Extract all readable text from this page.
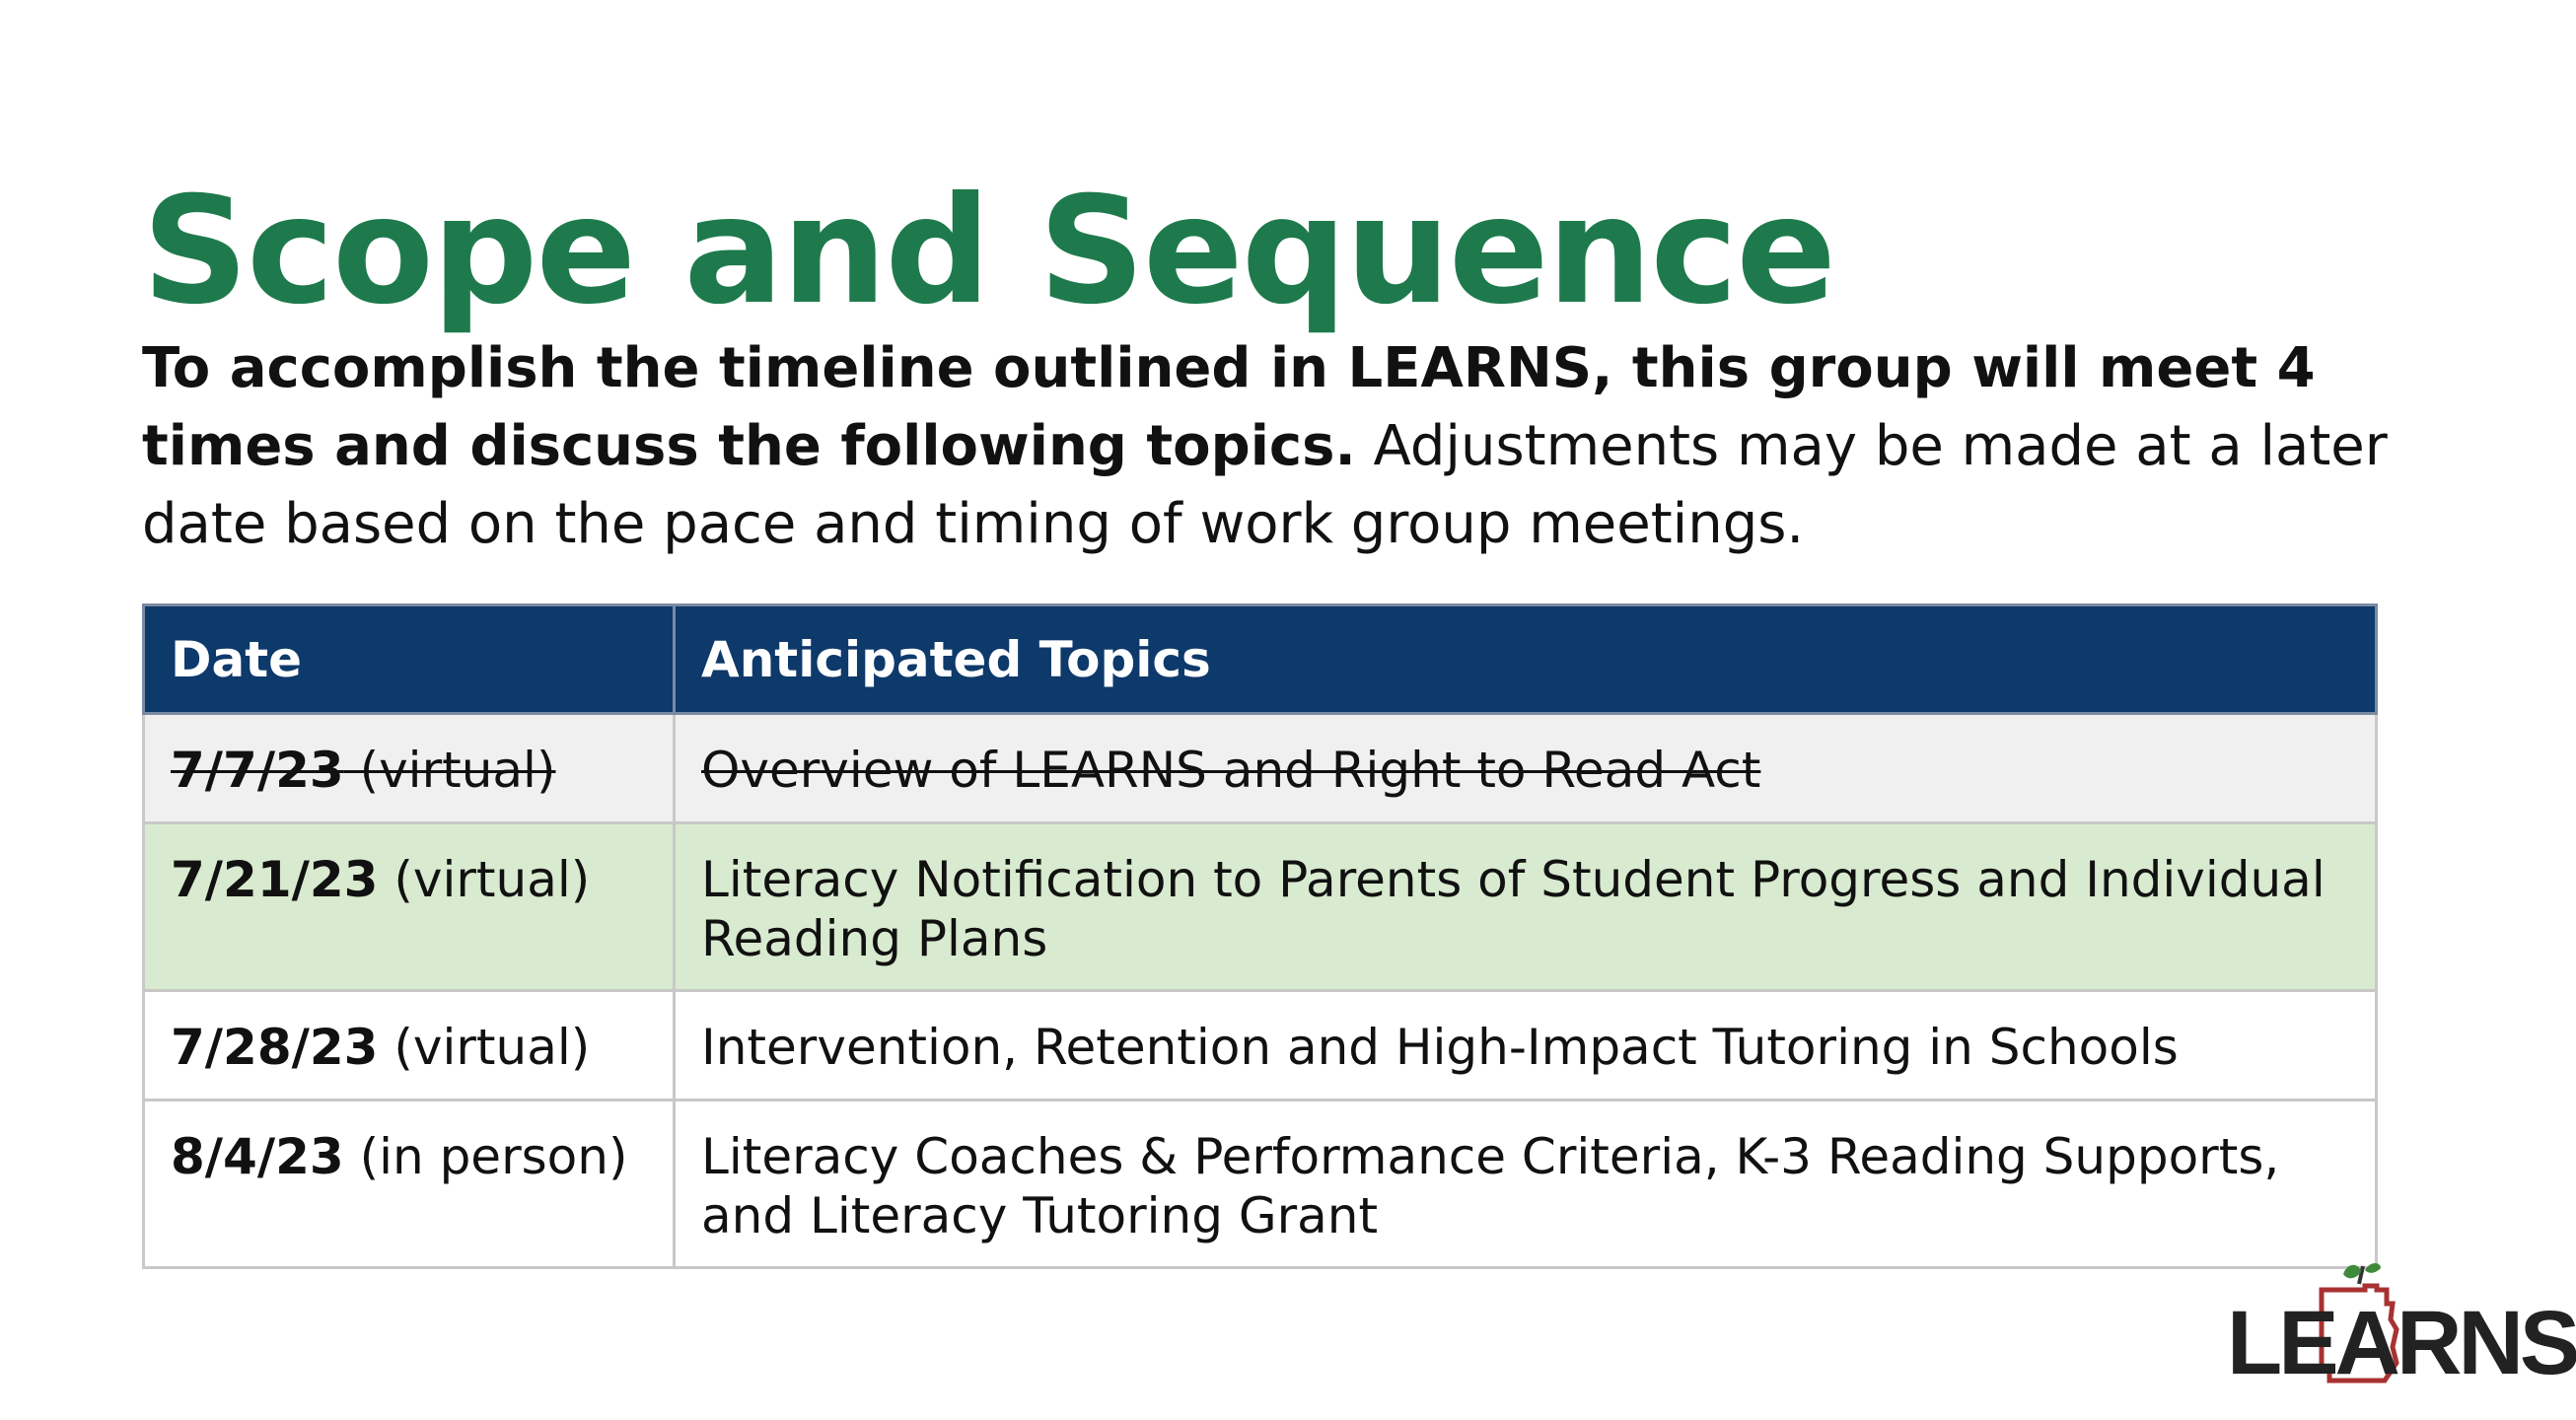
Scope and Sequence

To accomplish the timeline outlined in LEARNS, this group will meet 4 times and discuss the following topics. Adjustments may be made at a later date based on the pace and timing of work group meetings.

Date	Anticipated Topics
7/7/23 (virtual)	Overview of LEARNS and Right to Read Act
7/21/23 (virtual)	Literacy Notification to Parents of Student Progress and Individual Reading Plans
7/28/23 (virtual)	Intervention, Retention and High-Impact Tutoring in Schools
8/4/23 (in person)	Literacy Coaches & Performance Criteria, K-3 Reading Supports, and Literacy Tutoring Grant
LEARNS
